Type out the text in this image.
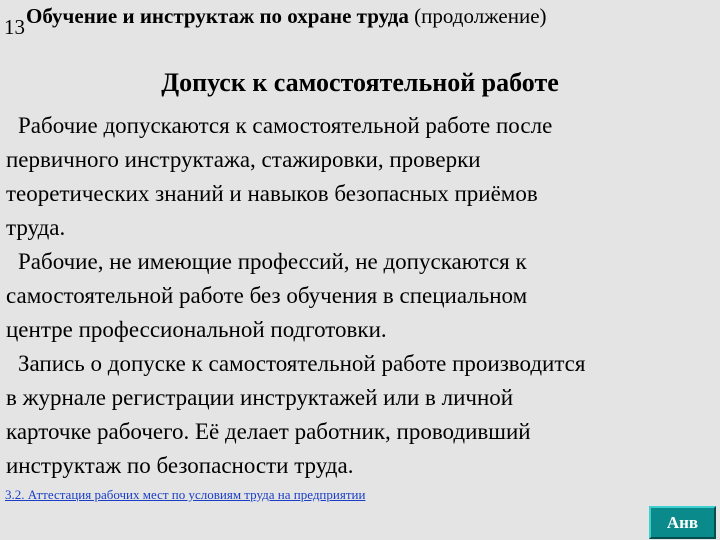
13 Обучение и инструктаж по охране труда (продолжение)
Допуск к самостоятельной работе
Рабочие допускаются к самостоятельной работе после
первичного инструктажа, стажировки, проверки
теоретических знаний и навыков безопасных приёмов
труда.
Рабочие, не имеющие профессий, не допускаются к
самостоятельной работе без обучения в специальном
центре профессиональной подготовки.
Запись о допуске к самостоятельной работе производится
в журнале регистрации инструктажей или в личной
карточке рабочего. Её делает работник, проводивший
инструктаж по безопасности труда.
3.2. Аттестация рабочих мест по условиям труда на предприятии
Анв
